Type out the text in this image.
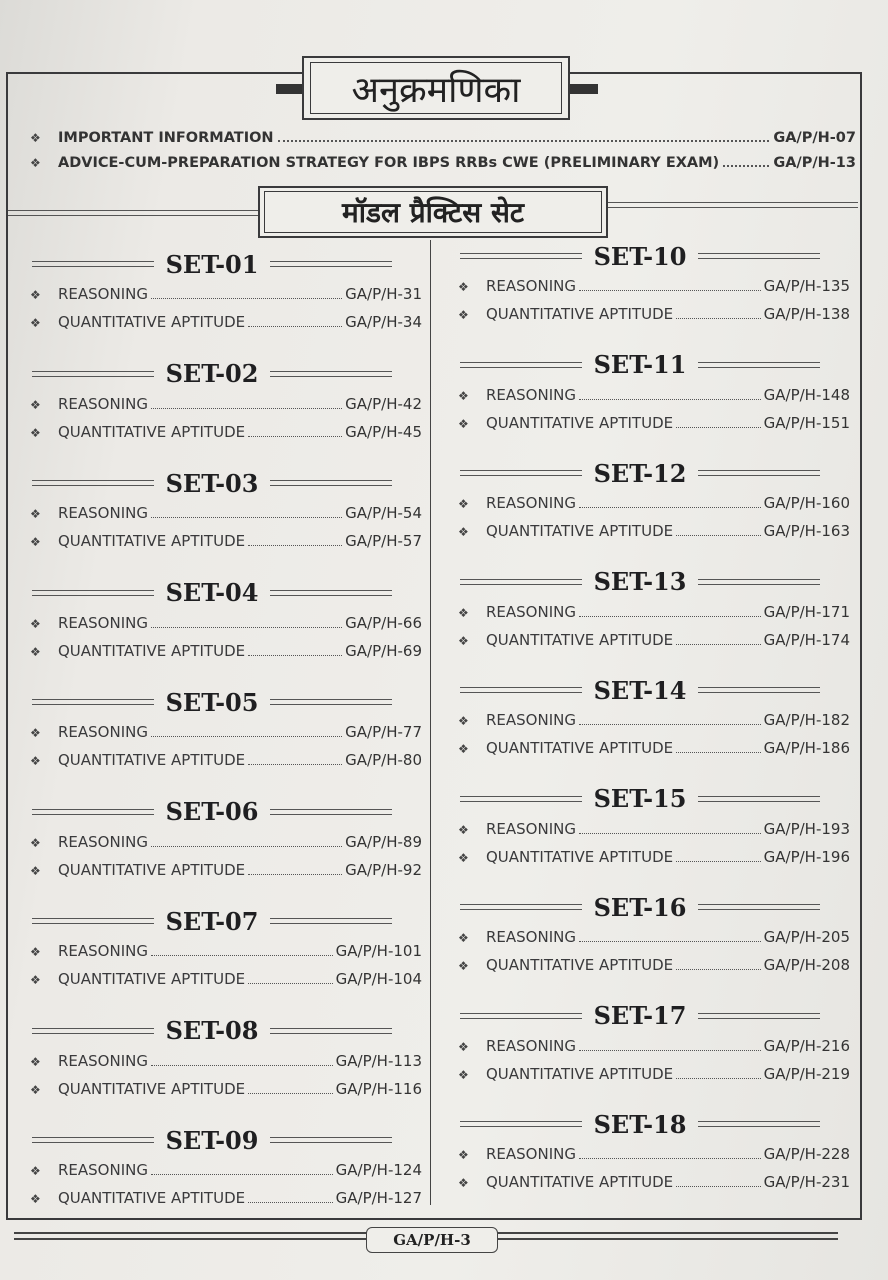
अनुक्रमणिका
❖	IMPORTANT INFORMATION	GA/P/H-07
❖	ADVICE-CUM-PREPARATION STRATEGY FOR IBPS RRBs CWE (PRELIMINARY EXAM)	GA/P/H-13
मॉडल प्रैक्टिस सेट
SET-01
❖	REASONING	GA/P/H-31
❖	QUANTITATIVE APTITUDE	GA/P/H-34
SET-02
❖	REASONING	GA/P/H-42
❖	QUANTITATIVE APTITUDE	GA/P/H-45
SET-03
❖	REASONING	GA/P/H-54
❖	QUANTITATIVE APTITUDE	GA/P/H-57
SET-04
❖	REASONING	GA/P/H-66
❖	QUANTITATIVE APTITUDE	GA/P/H-69
SET-05
❖	REASONING	GA/P/H-77
❖	QUANTITATIVE APTITUDE	GA/P/H-80
SET-06
❖	REASONING	GA/P/H-89
❖	QUANTITATIVE APTITUDE	GA/P/H-92
SET-07
❖	REASONING	GA/P/H-101
❖	QUANTITATIVE APTITUDE	GA/P/H-104
SET-08
❖	REASONING	GA/P/H-113
❖	QUANTITATIVE APTITUDE	GA/P/H-116
SET-09
❖	REASONING	GA/P/H-124
❖	QUANTITATIVE APTITUDE	GA/P/H-127
SET-10
❖	REASONING	GA/P/H-135
❖	QUANTITATIVE APTITUDE	GA/P/H-138
SET-11
❖	REASONING	GA/P/H-148
❖	QUANTITATIVE APTITUDE	GA/P/H-151
SET-12
❖	REASONING	GA/P/H-160
❖	QUANTITATIVE APTITUDE	GA/P/H-163
SET-13
❖	REASONING	GA/P/H-171
❖	QUANTITATIVE APTITUDE	GA/P/H-174
SET-14
❖	REASONING	GA/P/H-182
❖	QUANTITATIVE APTITUDE	GA/P/H-186
SET-15
❖	REASONING	GA/P/H-193
❖	QUANTITATIVE APTITUDE	GA/P/H-196
SET-16
❖	REASONING	GA/P/H-205
❖	QUANTITATIVE APTITUDE	GA/P/H-208
SET-17
❖	REASONING	GA/P/H-216
❖	QUANTITATIVE APTITUDE	GA/P/H-219
SET-18
❖	REASONING	GA/P/H-228
❖	QUANTITATIVE APTITUDE	GA/P/H-231
GA/P/H-3
